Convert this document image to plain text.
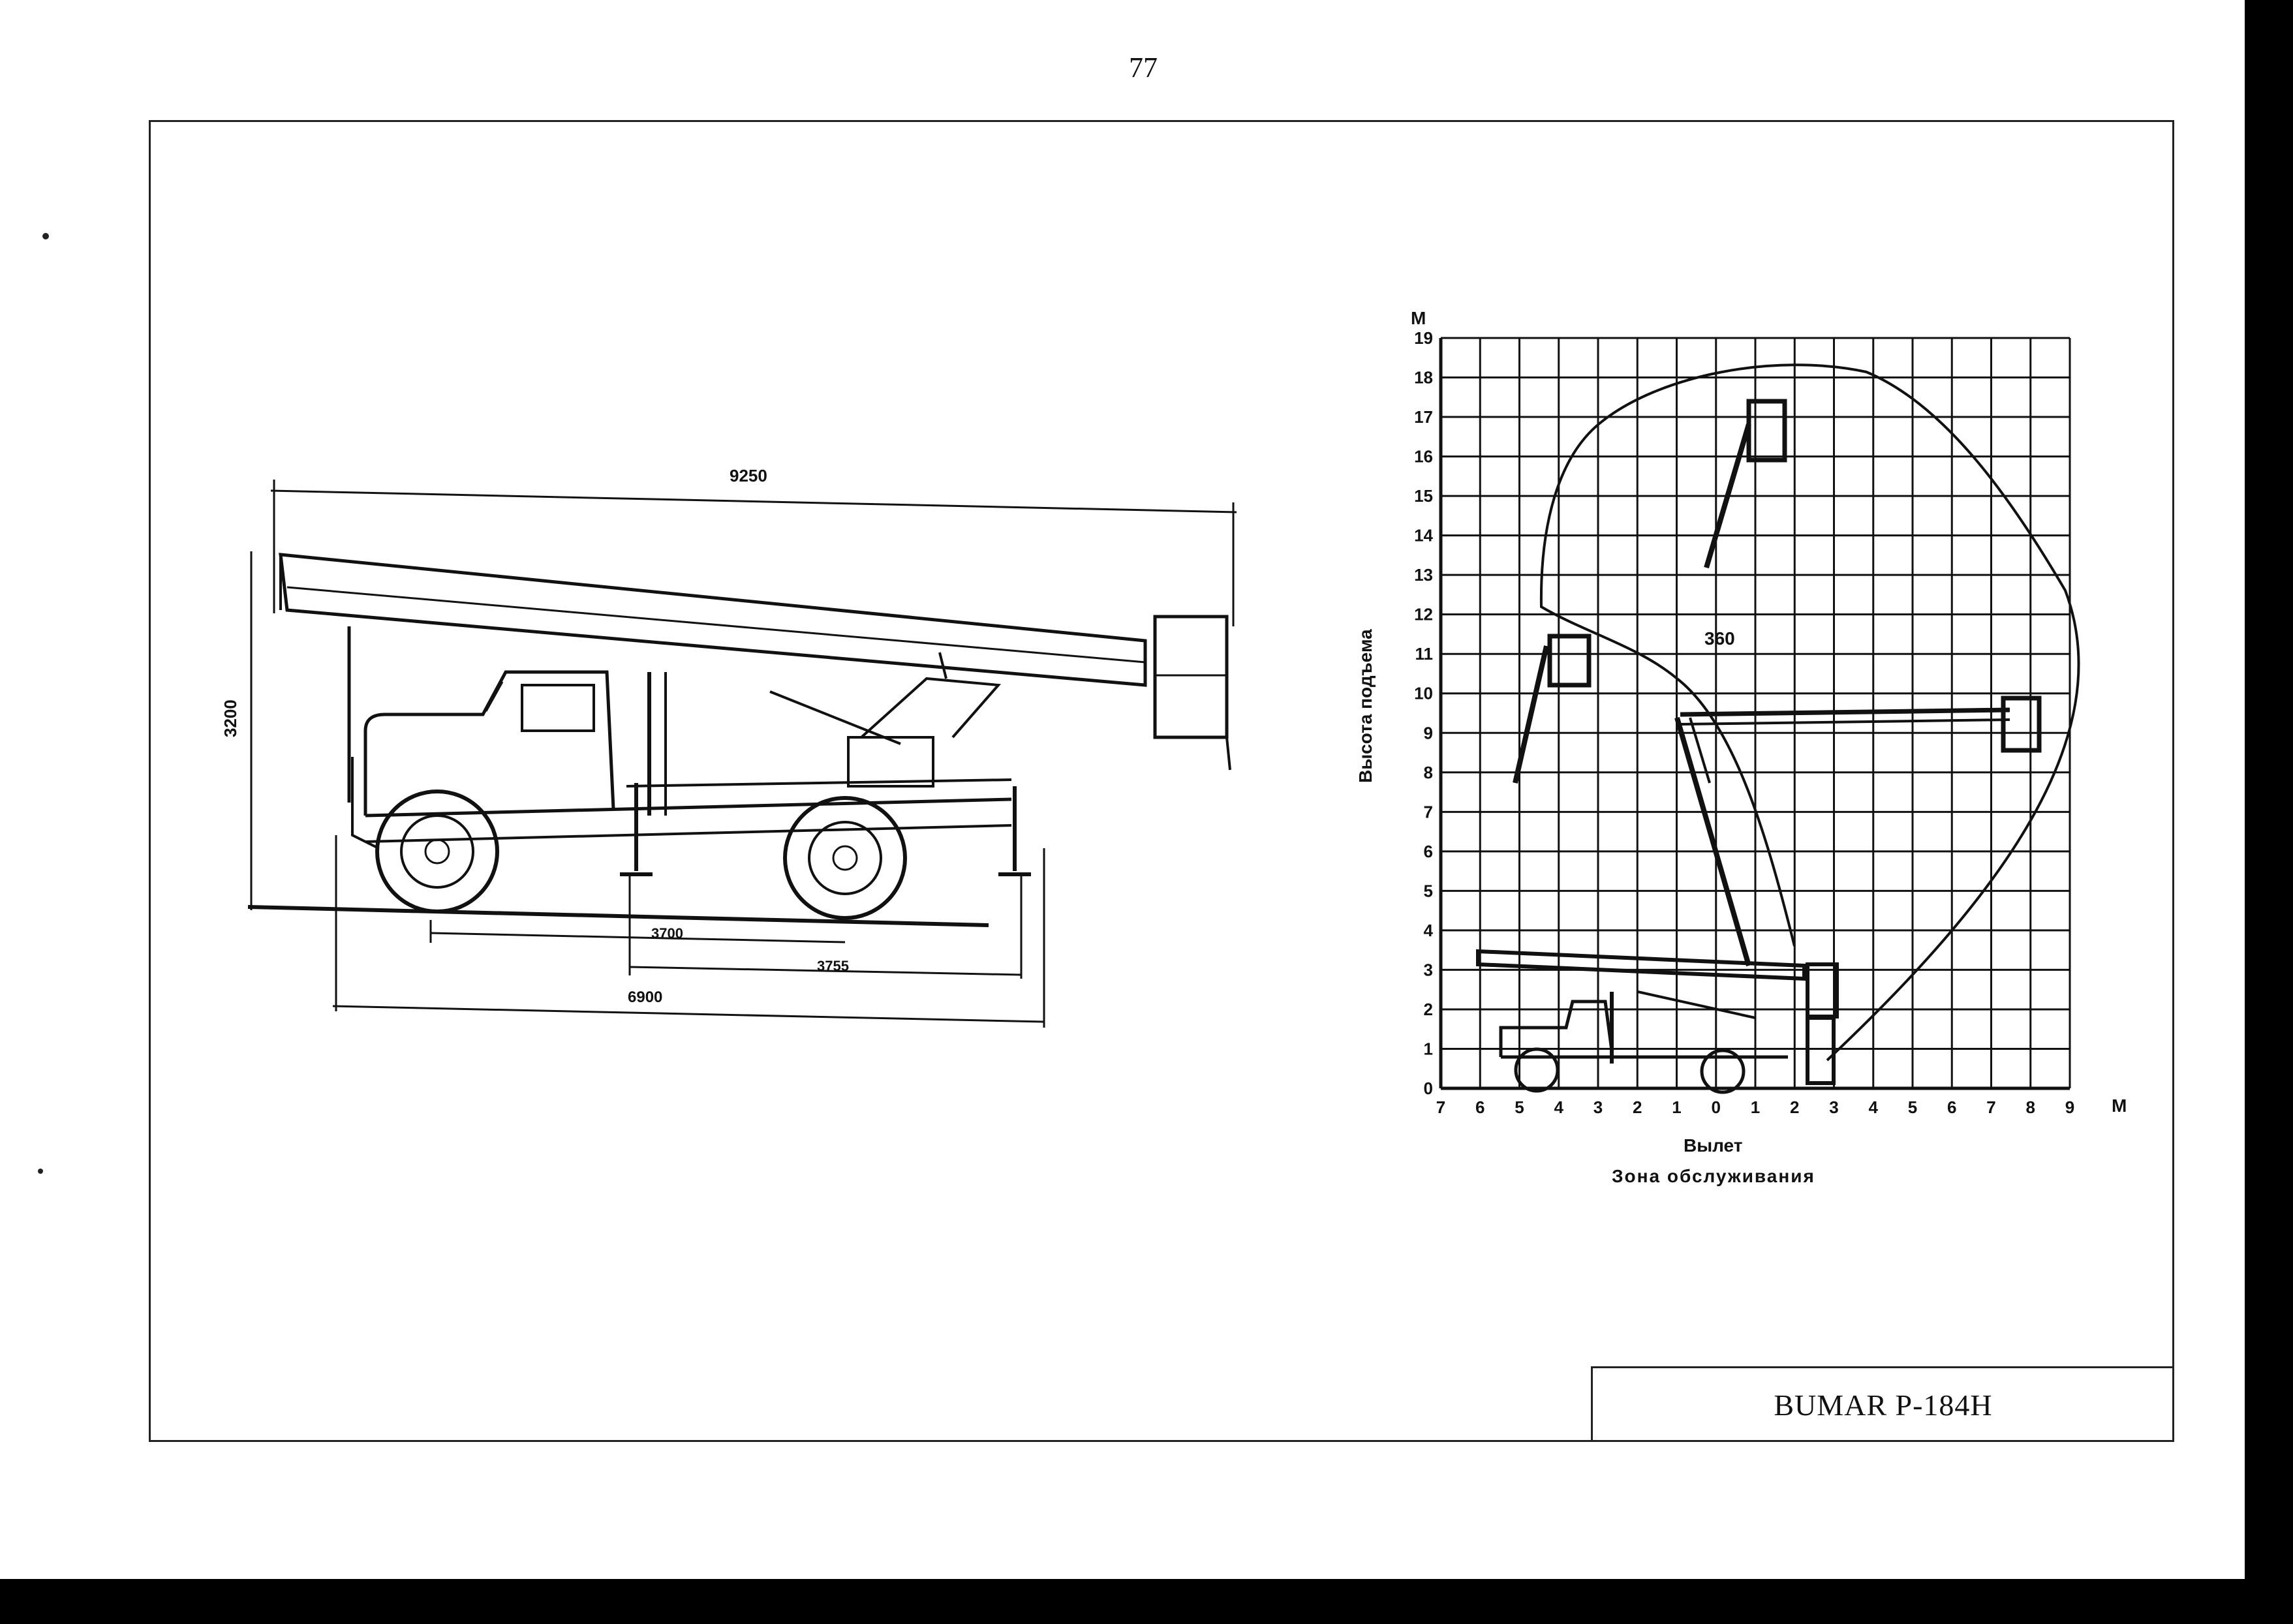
77
9250
3200
3700
3755
6900
0
1
2
3
4
5
6
7
8
9
10
11
12
13
14
15
16
17
18
19
7 6 5 4 3 2 1 0 1 2 3 4 5 6 7 8 9
М
М
Высота подъема
Вылет
Зона обслуживания
360
BUMAR P-184H
